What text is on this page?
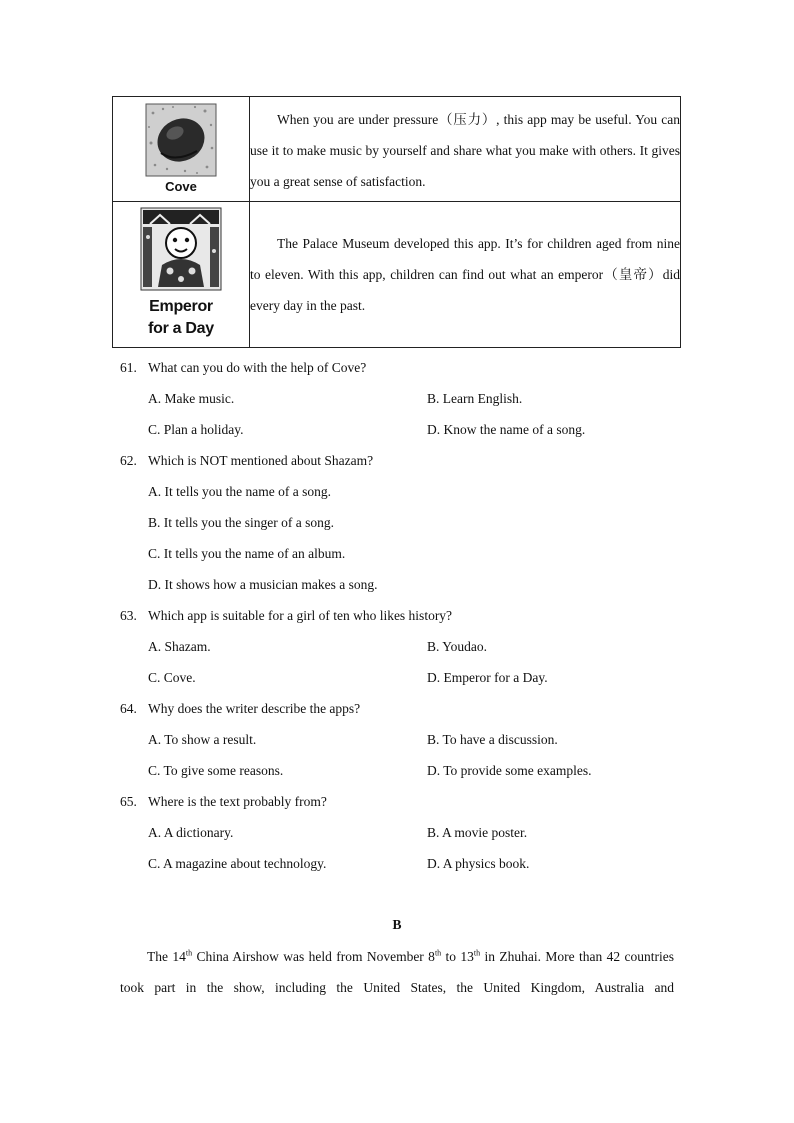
Cove	When you are under pressure（压力）, this app may be useful. You can use it to make music by yourself and share what you make with others. It gives you a great sense of satisfaction.

Emperor
for a Day	The Palace Museum developed this app. It’s for children aged from nine to eleven. With this app, children can find out what an emperor（皇帝）did every day in the past.

61. What can you do with the help of Cove?
A. Make music.	B. Learn English.
C. Plan a holiday.	D. Know the name of a song.
62. Which is NOT mentioned about Shazam?
A. It tells you the name of a song.
B. It tells you the singer of a song.
C. It tells you the name of an album.
D. It shows how a musician makes a song.
63. Which app is suitable for a girl of ten who likes history?
A. Shazam.	B. Youdao.
C. Cove.	D. Emperor for a Day.
64. Why does the writer describe the apps?
A. To show a result.	B. To have a discussion.
C. To give some reasons.	D. To provide some examples.
65. Where is the text probably from?
A. A dictionary.	B. A movie poster.
C. A magazine about technology.	D. A physics book.
B

The 14th China Airshow was held from November 8th to 13th in Zhuhai. More than 42 countries took part in the show, including the United States, the United Kingdom, Australia and
